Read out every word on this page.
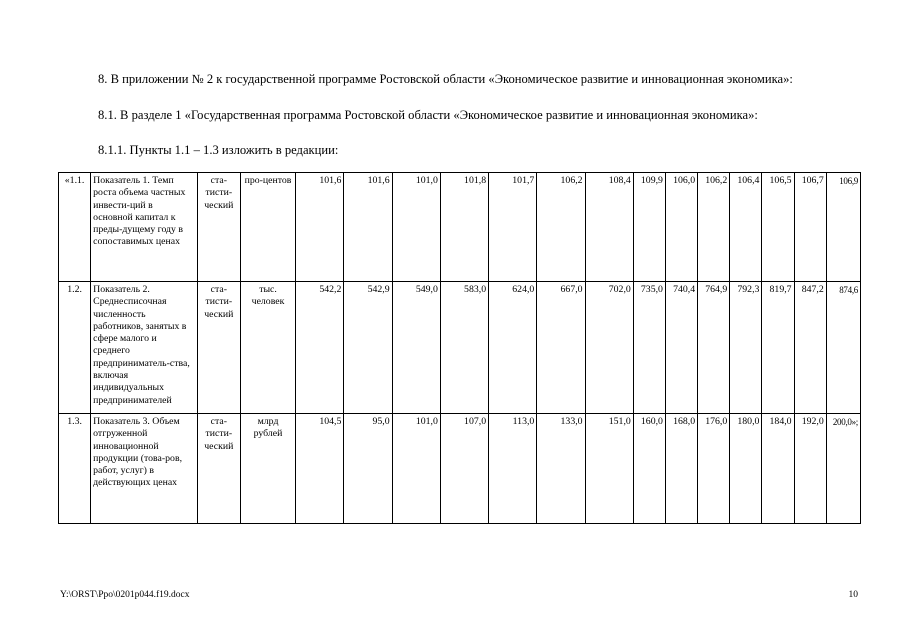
8. В приложении № 2 к государственной программе Ростовской области «Экономическое развитие и инновационная экономика»:

8.1. В разделе 1 «Государственная программа Ростовской области «Экономическое развитие и инновационная экономика»:

8.1.1. Пункты 1.1 – 1.3 изложить в редакции:

«1.1.	Показатель 1. Темп роста объема частных инвести-ций в основной капитал к преды-дущему году в сопоставимых ценах	ста-тисти-ческий	про-центов	101,6	101,6	101,0	101,8	101,7	106,2	108,4	109,9	106,0	106,2	106,4	106,5	106,7	106,9
1.2.	Показатель 2. Среднесписочная численность работников, занятых в сфере малого и среднего предприниматель-ства, включая индивидуальных предпринимателей	ста-тисти-ческий	тыс. человек	542,2	542,9	549,0	583,0	624,0	667,0	702,0	735,0	740,4	764,9	792,3	819,7	847,2	874,6
1.3.	Показатель 3. Объем отгруженной инновационной продукции (това-ров, работ, услуг) в действующих ценах	ста-тисти-ческий	млрд рублей	104,5	95,0	101,0	107,0	113,0	133,0	151,0	160,0	168,0	176,0	180,0	184,0	192,0	200,0»;
Y:\ORST\Ppo\0201p044.f19.docx	10
